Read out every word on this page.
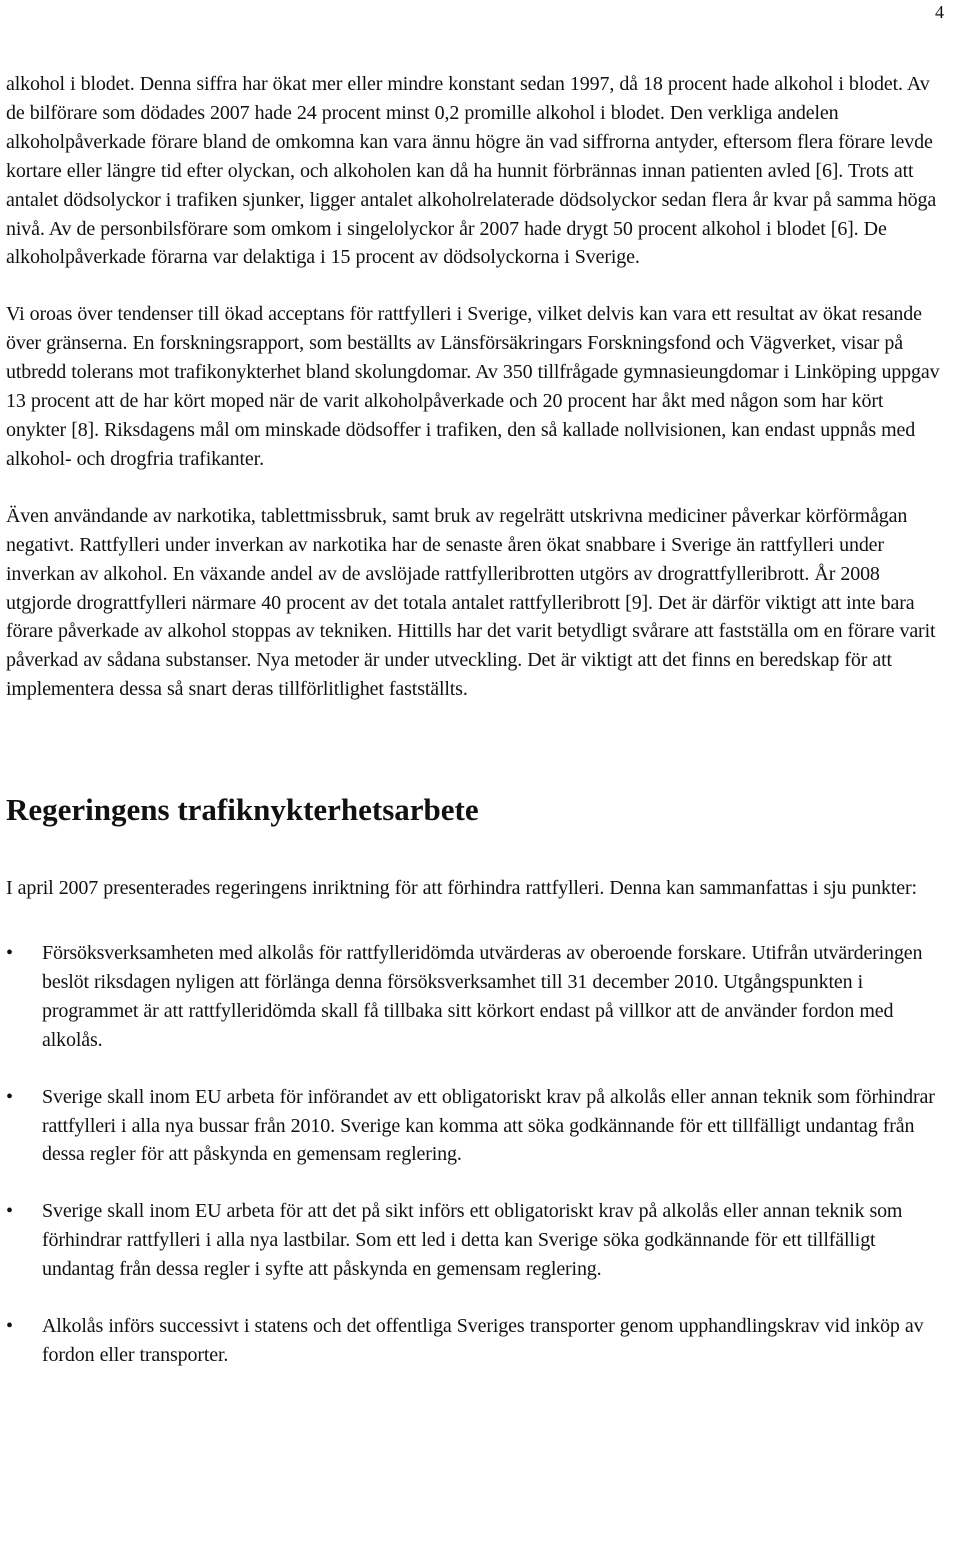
4

alkohol i blodet. Denna siffra har ökat mer eller mindre konstant sedan 1997, då 18 procent hade alkohol i blodet. Av de bilförare som dödades 2007 hade 24 procent minst 0,2 promille alkohol i blodet. Den verkliga andelen alkoholpåverkade förare bland de omkomna kan vara ännu högre än vad siffrorna antyder, eftersom flera förare levde kortare eller längre tid efter olyckan, och alkoholen kan då ha hunnit förbrännas innan patienten avled [6]. Trots att antalet dödsolyckor i trafiken sjunker, ligger antalet alkoholrelaterade dödsolyckor sedan flera år kvar på samma höga nivå. Av de personbilsförare som omkom i singelolyckor år 2007 hade drygt 50 procent alkohol i blodet [6]. De alkoholpåverkade förarna var delaktiga i 15 procent av dödsolyckorna i Sverige.

Vi oroas över tendenser till ökad acceptans för rattfylleri i Sverige, vilket delvis kan vara ett resultat av ökat resande över gränserna. En forskningsrapport, som beställts av Länsförsäkringars Forskningsfond och Vägverket, visar på utbredd tolerans mot trafikonykterhet bland skolungdomar. Av 350 tillfrågade gymnasieungdomar i Linköping uppgav 13 procent att de har kört moped när de varit alkoholpåverkade och 20 procent har åkt med någon som har kört onykter [8]. Riksdagens mål om minskade dödsoffer i trafiken, den så kallade nollvisionen, kan endast uppnås med alkohol- och drogfria trafikanter.

Även användande av narkotika, tablettmissbruk, samt bruk av regelrätt utskrivna mediciner påverkar körförmågan negativt. Rattfylleri under inverkan av narkotika har de senaste åren ökat snabbare i Sverige än rattfylleri under inverkan av alkohol. En växande andel av de avslöjade rattfylleribrotten utgörs av drograttfylleribrott. År 2008 utgjorde drograttfylleri närmare 40 procent av det totala antalet rattfylleribrott [9]. Det är därför viktigt att inte bara förare påverkade av alkohol stoppas av tekniken. Hittills har det varit betydligt svårare att fastställa om en förare varit påverkad av sådana substanser. Nya metoder är under utveckling. Det är viktigt att det finns en beredskap för att implementera dessa så snart deras tillförlitlighet fastställts.

Regeringens trafiknykterhetsarbete

I april 2007 presenterades regeringens inriktning för att förhindra rattfylleri. Denna kan sammanfattas i sju punkter:

• Försöksverksamheten med alkolås för rattfylleridömda utvärderas av oberoende forskare. Utifrån utvärderingen beslöt riksdagen nyligen att förlänga denna försöksverksamhet till 31 december 2010. Utgångspunkten i programmet är att rattfylleridömda skall få tillbaka sitt körkort endast på villkor att de använder fordon med alkolås.

• Sverige skall inom EU arbeta för införandet av ett obligatoriskt krav på alkolås eller annan teknik som förhindrar rattfylleri i alla nya bussar från 2010. Sverige kan komma att söka godkännande för ett tillfälligt undantag från dessa regler för att påskynda en gemensam reglering.

• Sverige skall inom EU arbeta för att det på sikt införs ett obligatoriskt krav på alkolås eller annan teknik som förhindrar rattfylleri i alla nya lastbilar. Som ett led i detta kan Sverige söka godkännande för ett tillfälligt undantag från dessa regler i syfte att påskynda en gemensam reglering.

• Alkolås införs successivt i statens och det offentliga Sveriges transporter genom upphandlingskrav vid inköp av fordon eller transporter.
